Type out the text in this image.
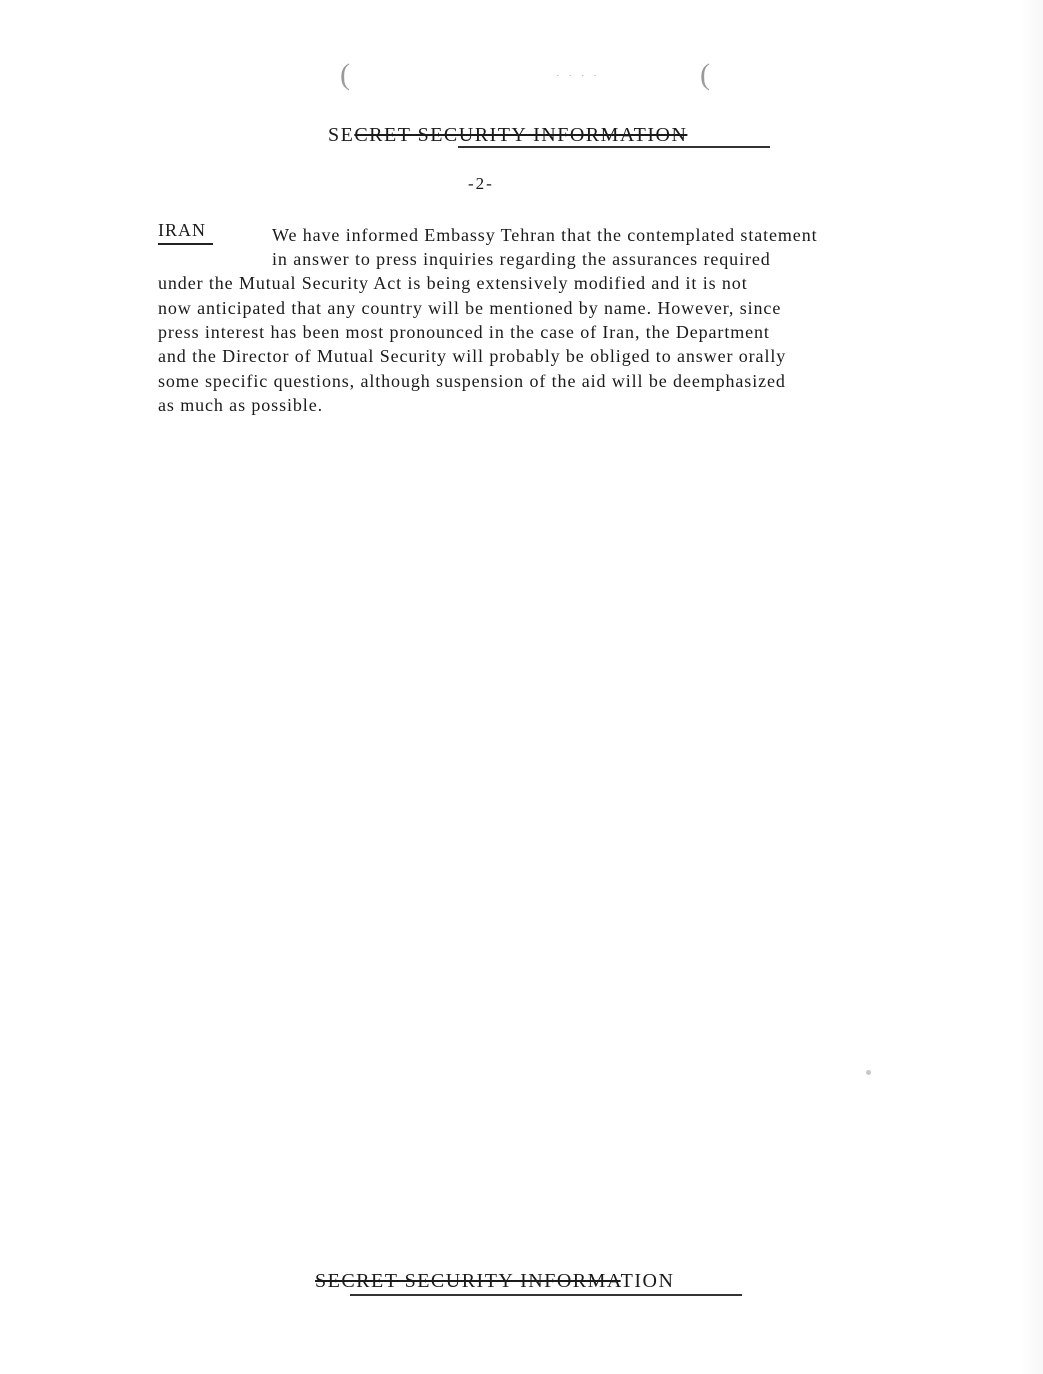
(	· · · ·	(
SECRET SECURITY INFORMATION
-2-
IRAN	We have informed Embassy Tehran that the contemplated statement
in answer to press inquiries regarding the assurances required
under the Mutual Security Act is being extensively modified and it is not
now anticipated that any country will be mentioned by name. However, since
press interest has been most pronounced in the case of Iran, the Department
and the Director of Mutual Security will probably be obliged to answer orally
some specific questions, although suspension of the aid will be deemphasized
as much as possible.
SECRET SECURITY INFORMATION
